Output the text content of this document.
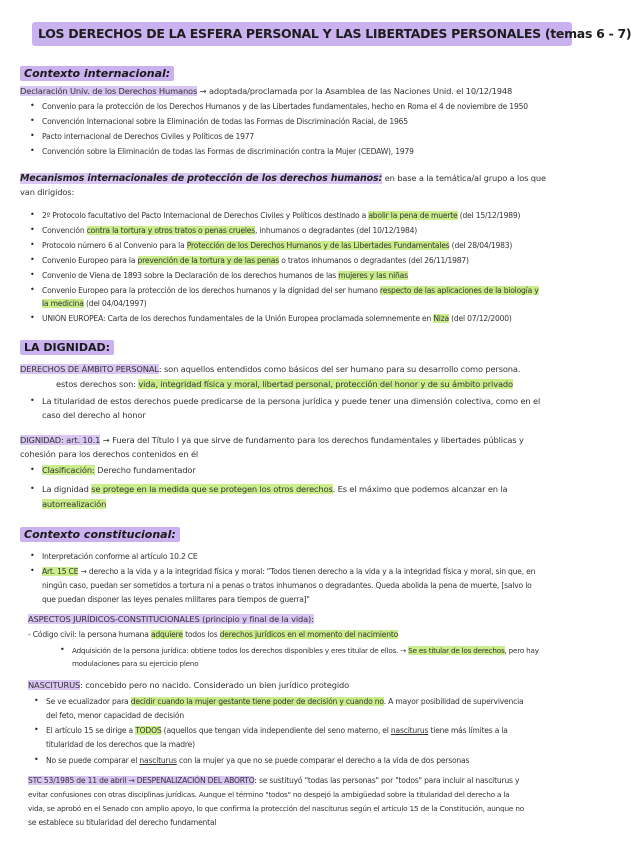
LOS DERECHOS DE LA ESFERA PERSONAL Y LAS LIBERTADES PERSONALES (temas 6 - 7)
Contexto internacional:
Declaración Univ. de los Derechos Humanos → adoptada/proclamada por la Asamblea de las Naciones Unid. el 10/12/1948
•
Convenio para la protección de los Derechos Humanos y de las Libertades fundamentales, hecho en Roma el 4 de noviembre de 1950
•
Convención Internacional sobre la Eliminación de todas las Formas de Discriminación Racial, de 1965
•
Pacto internacional de Derechos Civiles y Políticos de 1977
•
Convención sobre la Eliminación de todas las Formas de discriminación contra la Mujer (CEDAW), 1979
Mecanismos internacionales de protección de los derechos humanos: en base a la temática/al grupo a los que
van dirigidos:
•
2º Protocolo facultativo del Pacto Internacional de Derechos Civiles y Políticos destinado a abolir la pena de muerte (del 15/12/1989)
•
Convención contra la tortura y otros tratos o penas crueles, inhumanos o degradantes (del 10/12/1984)
•
Protocolo número 6 al Convenio para la Protección de los Derechos Humanos y de las Libertades Fundamentales (del 28/04/1983)
•
Convenio Europeo para la prevención de la tortura y de las penas o tratos inhumanos o degradantes (del 26/11/1987)
•
Convenio de Viena de 1893 sobre la Declaración de los derechos humanos de las mujeres y las niñas
•
Convenio Europeo para la protección de los derechos humanos y la dignidad del ser humano respecto de las aplicaciones de la biología y
la medicina (del 04/04/1997)
•
UNIÓN EUROPEA: Carta de los derechos fundamentales de la Unión Europea proclamada solemnemente en Niza (del 07/12/2000)
LA DIGNIDAD:
DERECHOS DE ÁMBITO PERSONAL: son aquellos entendidos como básicos del ser humano para su desarrollo como persona.
estos derechos son: vida, integridad física y moral, libertad personal, protección del honor y de su ámbito privado
•
La titularidad de estos derechos puede predicarse de la persona jurídica y puede tener una dimensión colectiva, como en el
caso del derecho al honor
DIGNIDAD: art. 10.1 → Fuera del Título I ya que sirve de fundamento para los derechos fundamentales y libertades públicas y
cohesión para los derechos contenidos en él
•
Clasificación: Derecho fundamentador
•
La dignidad se protege en la medida que se protegen los otros derechos. Es el máximo que podemos alcanzar en la
autorrealización
Contexto constitucional:
•
Interpretación conforme al artículo 10.2 CE
•
Art. 15 CE → derecho a la vida y a la integridad física y moral: "Todos tienen derecho a la vida y a la integridad física y moral, sin que, en
ningún caso, puedan ser sometidos a tortura ni a penas o tratos inhumanos o degradantes. Queda abolida la pena de muerte, [salvo lo
que puedan disponer las leyes penales militares para tiempos de guerra]"
ASPECTOS JURÍDICOS-CONSTITUCIONALES (principio y final de la vida):
- Código civil: la persona humana adquiere todos los derechos jurídicos en el momento del nacimiento
•
Adquisición de la persona jurídica: obtiene todos los derechos disponibles y eres titular de ellos. → Se es titular de los derechos, pero hay
modulaciones para su ejercicio pleno
NASCITURUS: concebido pero no nacido. Considerado un bien jurídico protegido
•
Se ve ecualizador para decidir cuando la mujer gestante tiene poder de decisión y cuando no. A mayor posibilidad de supervivencia
del feto, menor capacidad de decisión
•
El artículo 15 se dirige a TODOS (aquellos que tengan vida independiente del seno materno, el nasciturus tiene más límites a la
titularidad de los derechos que la madre)
•
No se puede comparar el nasciturus con la mujer ya que no se puede comparar el derecho a la vida de dos personas
STC 53/1985 de 11 de abril → DESPENALIZACIÓN DEL ABORTO: se sustituyó "todas las personas" por "todos" para incluir al nasciturus y
evitar confusiones con otras disciplinas jurídicas. Aunque el término "todos" no despejó la ambigüedad sobre la titularidad del derecho a la
vida, se aprobó en el Senado con amplio apoyo, lo que confirma la protección del nasciturus según el artículo 15 de la Constitución, aunque no
se establece su titularidad del derecho fundamental
